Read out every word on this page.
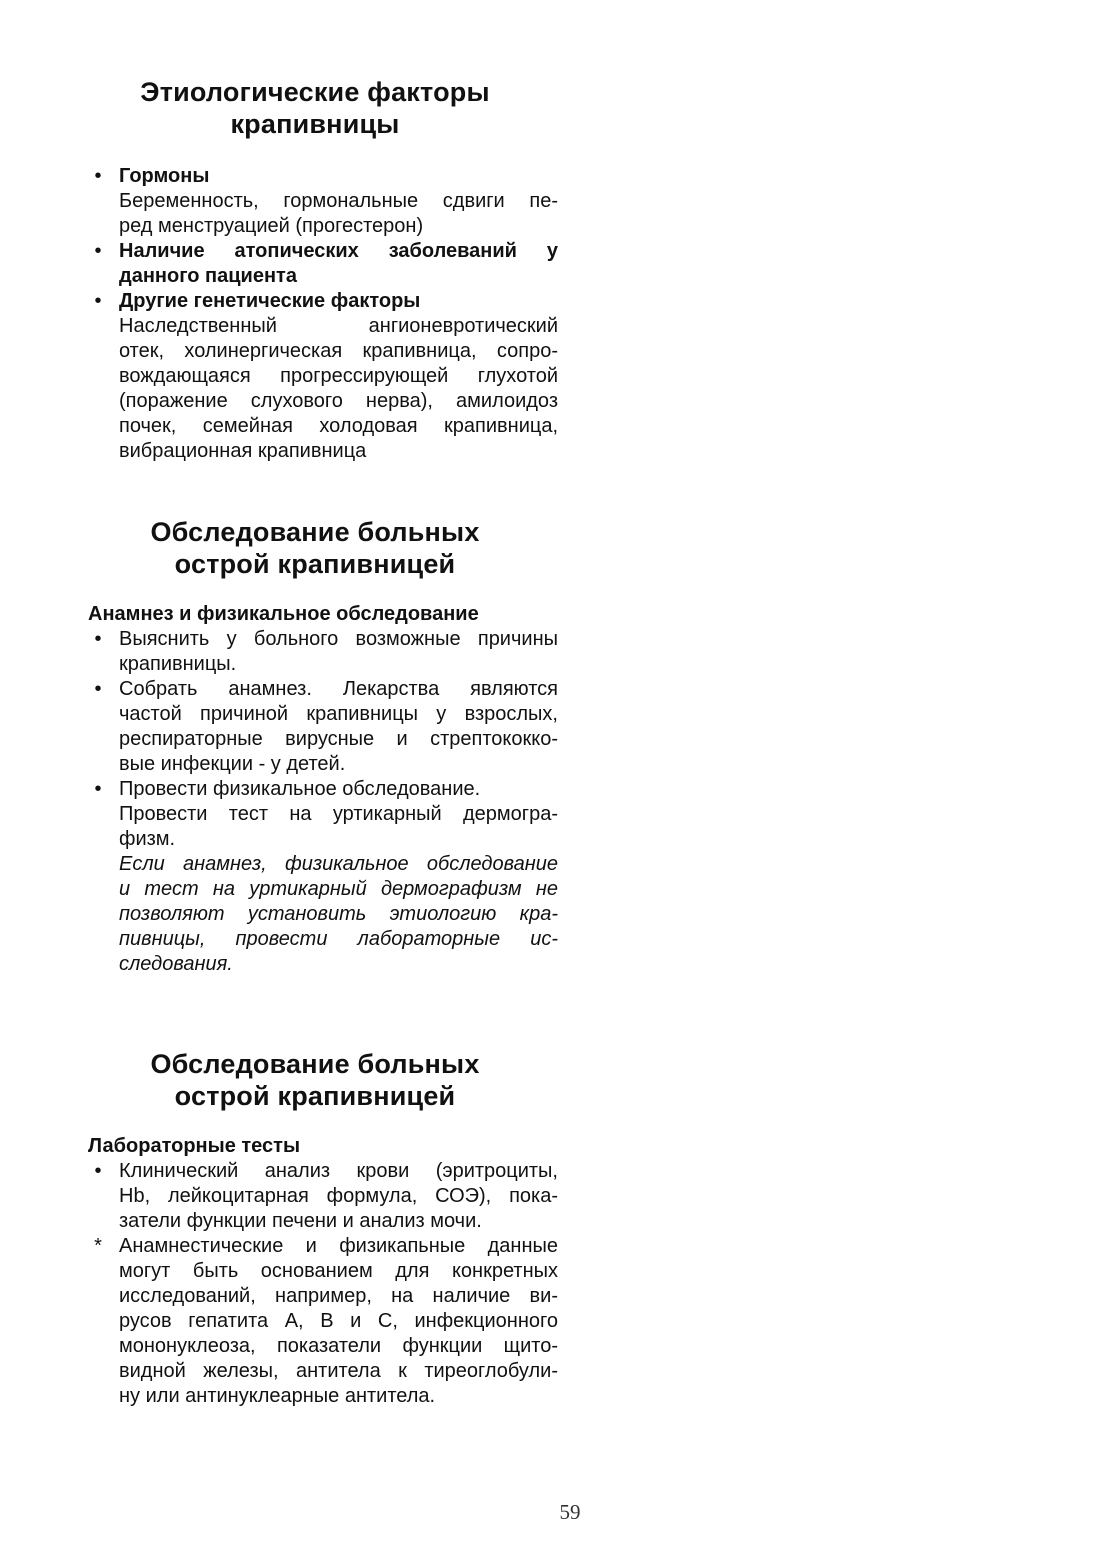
Этиологические факторы
крапивницы
• Гормоны

Беременность, гормональные сдвиги пе-

ред менструацией (прогестерон)

• Наличие атопических заболеваний у

данного пациента

• Другие генетические факторы

Наследственный ангионевротический

отек, холинергическая крапивница, сопро-

вождающаяся прогрессирующей глухотой

(поражение слухового нерва), амилоидоз

почек, семейная холодовая крапивница,

вибрационная крапивница

Обследование больных
острой крапивницей
Анамнез и физикальное обследование
• Выяснить у больного возможные причины

крапивницы.

• Собрать анамнез. Лекарства являются

частой причиной крапивницы у взрослых,

респираторные вирусные и стрептококко-

вые инфекции - у детей.

• Провести физикальное обследование.

Провести тест на уртикарный дермогра-

физм.

Если анамнез, физикальное обследование

и тест на уртикарный дермографизм не

позволяют установить этиологию кра-

пивницы, провести лабораторные ис-

следования.

Обследование больных
острой крапивницей
Лабораторные тесты
• Клинический анализ крови (эритроциты,

Нb, лейкоцитарная формула, СОЭ), пока-

затели функции печени и анализ мочи.

* Анамнестические и физикапьные данные

могут быть основанием для конкретных

исследований, например, на наличие ви-

русов гепатита А, В и С, инфекционного

мононуклеоза, показатели функции щито-

видной железы, антитела к тиреоглобули-

ну или антинуклеарные антитела.

59
